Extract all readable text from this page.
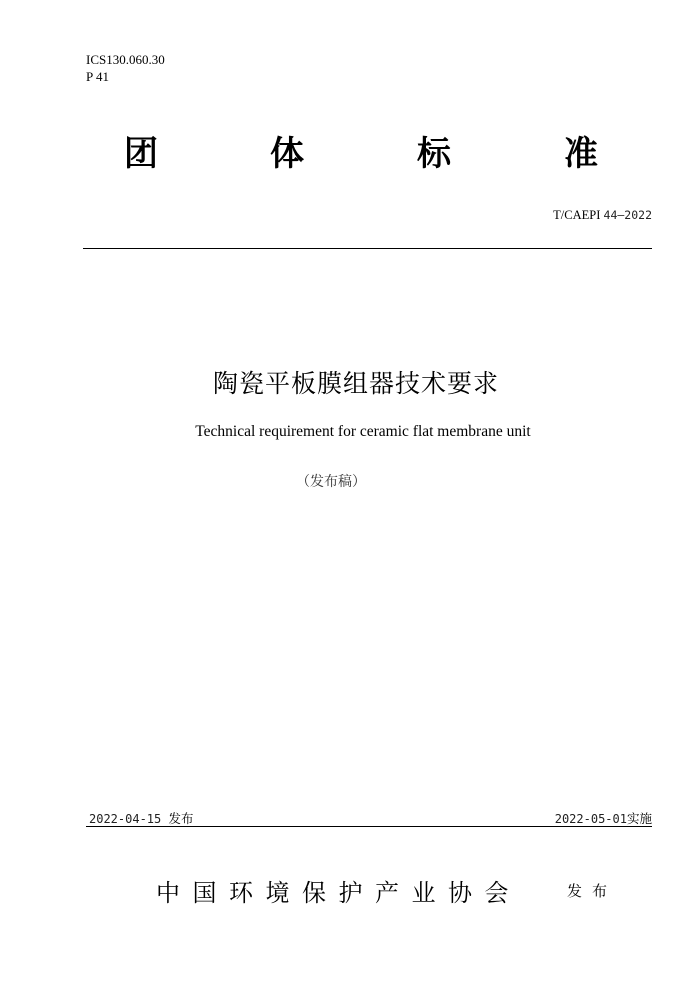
ICS130.060.30
P 41
团	体	标	准
T/CAEPI 44—2022
陶瓷平板膜组器技术要求
Technical requirement for ceramic flat membrane unit
（发布稿）
2022-04-15 发布	2022-05-01实施
中国环境保护产业协会	发布
